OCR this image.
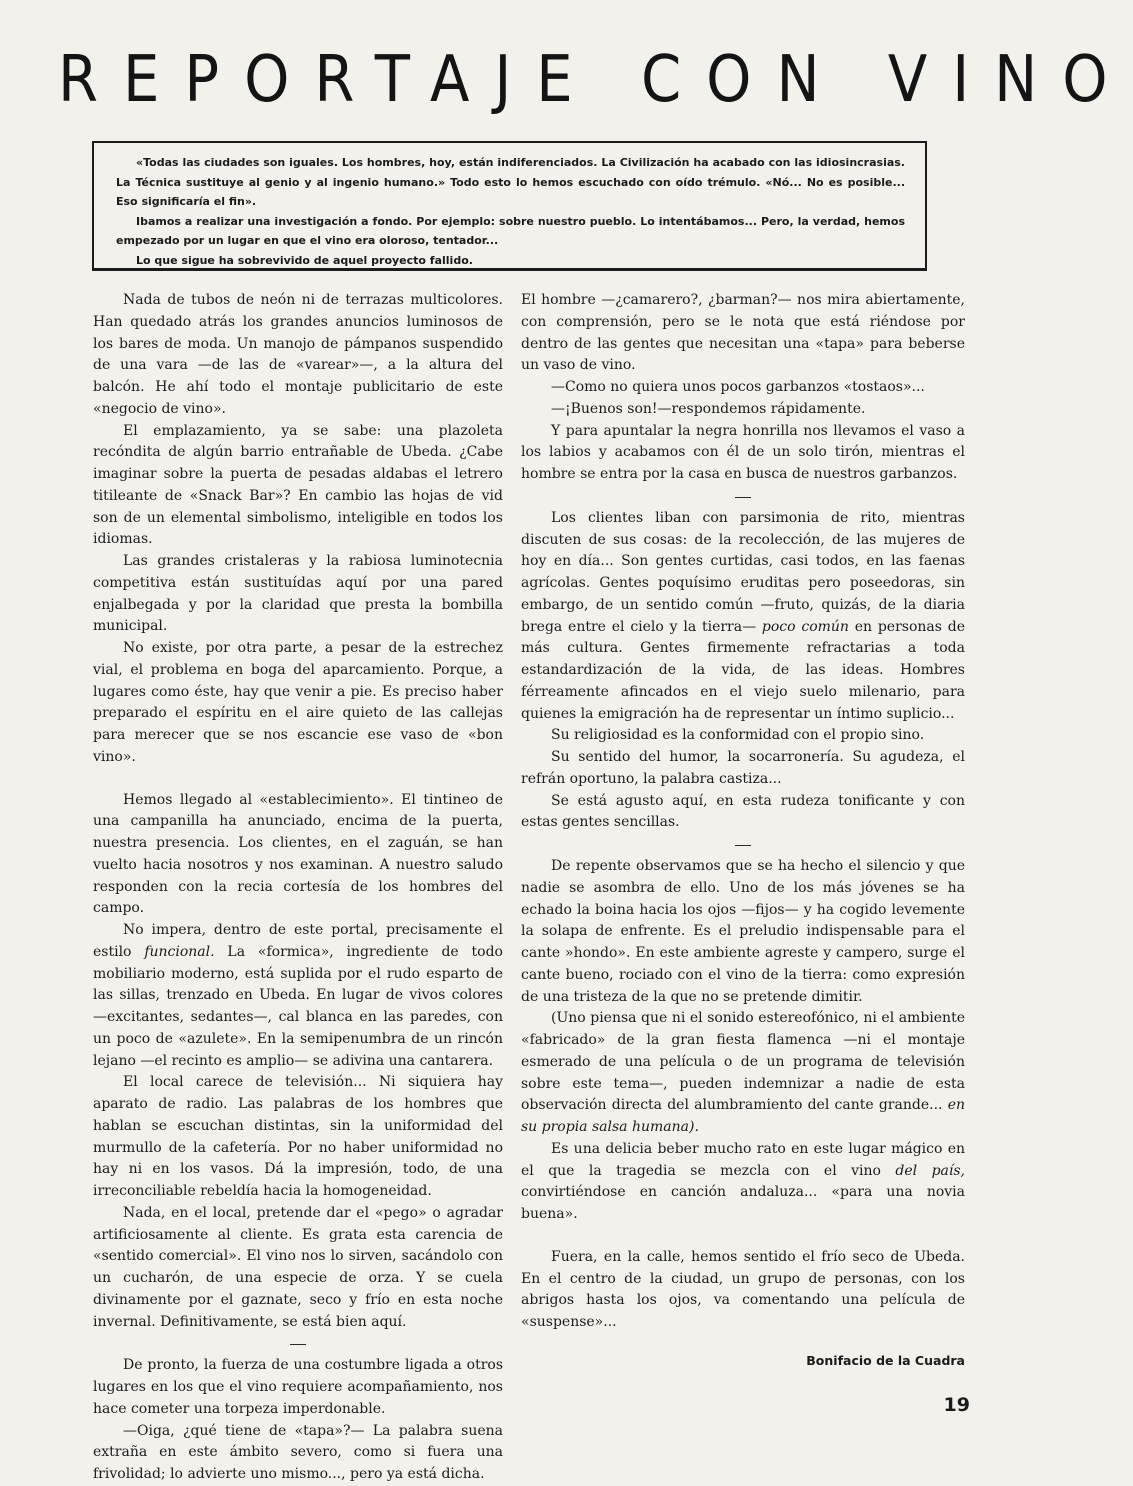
REPORTAJE CON VINO

«Todas las ciudades son iguales. Los hombres, hoy, están indiferenciados. La Civilización ha acabado con las idiosincrasias. La Técnica sustituye al genio y al ingenio humano.» Todo esto lo hemos escuchado con oído trémulo. «Nó... No es posible... Eso significaría el fin».

Ibamos a realizar una investigación a fondo. Por ejemplo: sobre nuestro pueblo. Lo intentábamos... Pero, la verdad, hemos empezado por un lugar en que el vino era oloroso, tentador...

Lo que sigue ha sobrevivido de aquel proyecto fallido.

Nada de tubos de neón ni de terrazas multicolores. Han quedado atrás los grandes anuncios luminosos de los bares de moda. Un manojo de pámpanos suspendido de una vara —de las de «varear»—, a la altura del balcón. He ahí todo el montaje publicitario de este «negocio de vino».

El emplazamiento, ya se sabe: una plazoleta recóndita de algún barrio entrañable de Ubeda. ¿Cabe imaginar sobre la puerta de pesadas aldabas el letrero titileante de «Snack Bar»? En cambio las hojas de vid son de un elemental simbolismo, inteligible en todos los idiomas.

Las grandes cristaleras y la rabiosa luminotecnia competitiva están sustituídas aquí por una pared enjalbegada y por la claridad que presta la bombilla municipal.

No existe, por otra parte, a pesar de la estrechez vial, el problema en boga del aparcamiento. Porque, a lugares como éste, hay que venir a pie. Es preciso haber preparado el espíritu en el aire quieto de las callejas para merecer que se nos escancie ese vaso de «bon vino».

Hemos llegado al «establecimiento». El tintineo de una campanilla ha anunciado, encima de la puerta, nuestra presencia. Los clientes, en el zaguán, se han vuelto hacia nosotros y nos examinan. A nuestro saludo responden con la recia cortesía de los hombres del campo.

No impera, dentro de este portal, precisamente el estilo funcional. La «formica», ingrediente de todo mobiliario moderno, está suplida por el rudo esparto de las sillas, trenzado en Ubeda. En lugar de vivos colores —excitantes, sedantes—, cal blanca en las paredes, con un poco de «azulete». En la semipenumbra de un rincón lejano —el recinto es amplio— se adivina una cantarera.

El local carece de televisión... Ni siquiera hay aparato de radio. Las palabras de los hombres que hablan se escuchan distintas, sin la uniformidad del murmullo de la cafetería. Por no haber uniformidad no hay ni en los vasos. Dá la impresión, todo, de una irreconciliable rebeldía hacia la homogeneidad.

Nada, en el local, pretende dar el «pego» o agradar artificiosamente al cliente. Es grata esta carencia de «sentido comercial». El vino nos lo sirven, sacándolo con un cucharón, de una especie de orza. Y se cuela divinamente por el gaznate, seco y frío en esta noche invernal. Definitivamente, se está bien aquí.

De pronto, la fuerza de una costumbre ligada a otros lugares en los que el vino requiere acompañamiento, nos hace cometer una torpeza imperdonable.

—Oiga, ¿qué tiene de «tapa»?— La palabra suena extraña en este ámbito severo, como si fuera una frivolidad; lo advierte uno mismo..., pero ya está dicha.

El hombre —¿camarero?, ¿barman?— nos mira abiertamente, con comprensión, pero se le nota que está riéndose por dentro de las gentes que necesitan una «tapa» para beberse un vaso de vino.

—Como no quiera unos pocos garbanzos «tostaos»...

—¡Buenos son!—respondemos rápidamente.

Y para apuntalar la negra honrilla nos llevamos el vaso a los labios y acabamos con él de un solo tirón, mientras el hombre se entra por la casa en busca de nuestros garbanzos.

Los clientes liban con parsimonia de rito, mientras discuten de sus cosas: de la recolección, de las mujeres de hoy en día... Son gentes curtidas, casi todos, en las faenas agrícolas. Gentes poquísimo eruditas pero poseedoras, sin embargo, de un sentido común —fruto, quizás, de la diaria brega entre el cielo y la tierra— poco común en personas de más cultura. Gentes firmemente refractarias a toda estandardización de la vida, de las ideas. Hombres férreamente afincados en el viejo suelo milenario, para quienes la emigración ha de representar un íntimo suplicio...

Su religiosidad es la conformidad con el propio sino.

Su sentido del humor, la socarronería. Su agudeza, el refrán oportuno, la palabra castiza...

Se está agusto aquí, en esta rudeza tonificante y con estas gentes sencillas.

De repente observamos que se ha hecho el silencio y que nadie se asombra de ello. Uno de los más jóvenes se ha echado la boina hacia los ojos —fijos— y ha cogido levemente la solapa de enfrente. Es el preludio indispensable para el cante »hondo». En este ambiente agreste y campero, surge el cante bueno, rociado con el vino de la tierra: como expresión de una tristeza de la que no se pretende dimitir.

(Uno piensa que ni el sonido estereofónico, ni el ambiente «fabricado» de la gran fiesta flamenca —ni el montaje esmerado de una película o de un programa de televisión sobre este tema—, pueden indemnizar a nadie de esta observación directa del alumbramiento del cante grande... en su propia salsa humana).

Es una delicia beber mucho rato en este lugar mágico en el que la tragedia se mezcla con el vino del país, convirtiéndose en canción andaluza... «para una novia buena».

Fuera, en la calle, hemos sentido el frío seco de Ubeda. En el centro de la ciudad, un grupo de personas, con los abrigos hasta los ojos, va comentando una película de «suspense»...

Bonifacio de la Cuadra
19
